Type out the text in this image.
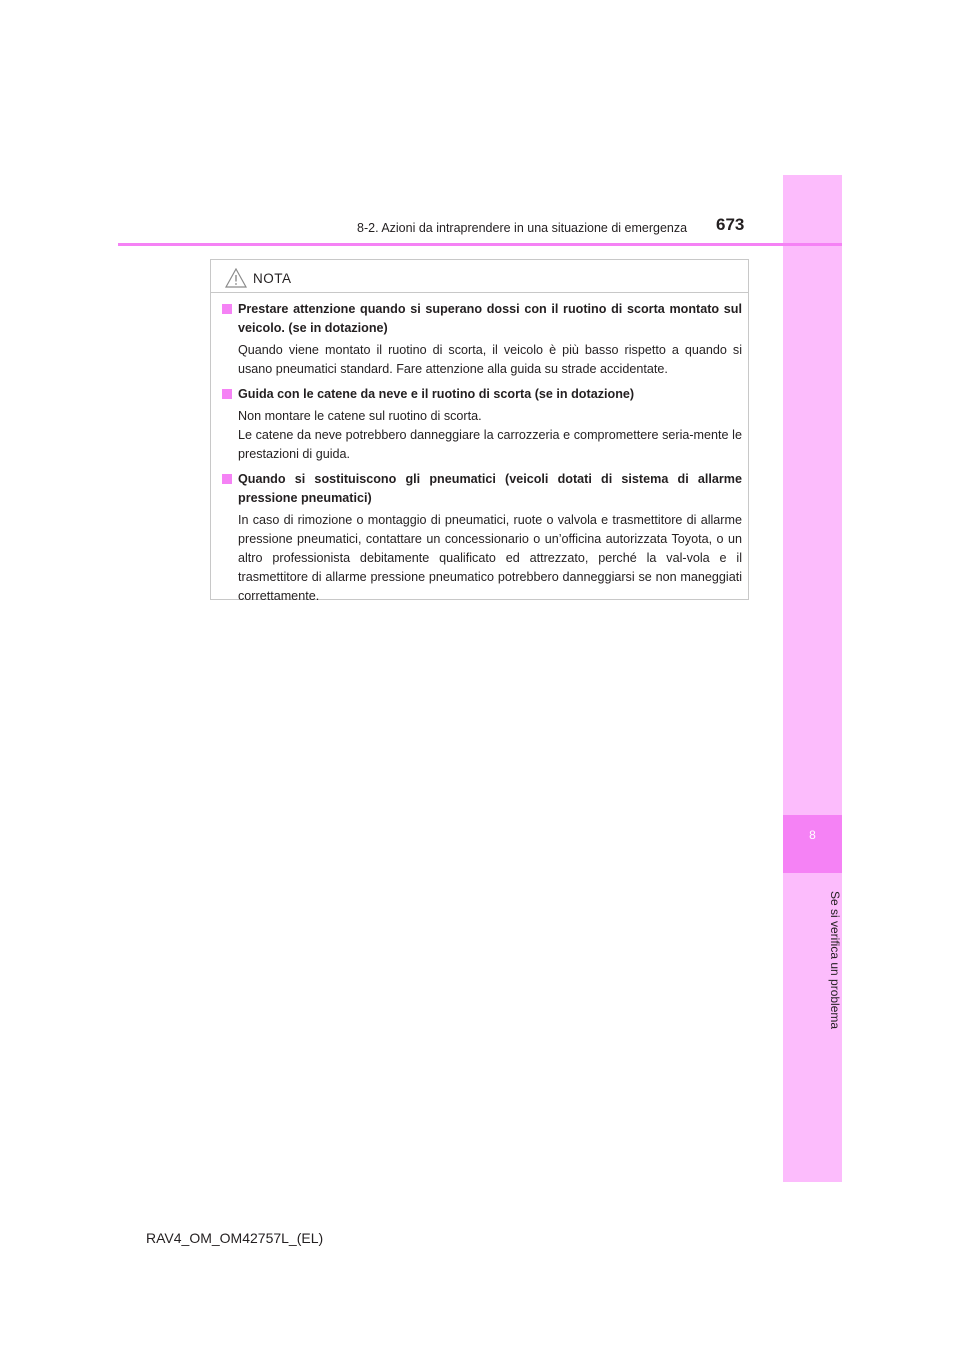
8
Se si verifica un problema
8-2. Azioni da intraprendere in una situazione di emergenza 673
NOTA
Prestare attenzione quando si superano dossi con il ruotino di scorta montato sul veicolo. (se in dotazione)
Quando viene montato il ruotino di scorta, il veicolo è più basso rispetto a quando si usano pneumatici standard. Fare attenzione alla guida su strade accidentate.
Guida con le catene da neve e il ruotino di scorta (se in dotazione)
Non montare le catene sul ruotino di scorta.
Le catene da neve potrebbero danneggiare la carrozzeria e compromettere seria-mente le prestazioni di guida.
Quando si sostituiscono gli pneumatici (veicoli dotati di sistema di allarme pressione pneumatici)
In caso di rimozione o montaggio di pneumatici, ruote o valvola e trasmettitore di allarme pressione pneumatici, contattare un concessionario o un’officina autorizzata Toyota, o un altro professionista debitamente qualificato ed attrezzato, perché la val-vola e il trasmettitore di allarme pressione pneumatico potrebbero danneggiarsi se non maneggiati correttamente.
RAV4_OM_OM42757L_(EL)
